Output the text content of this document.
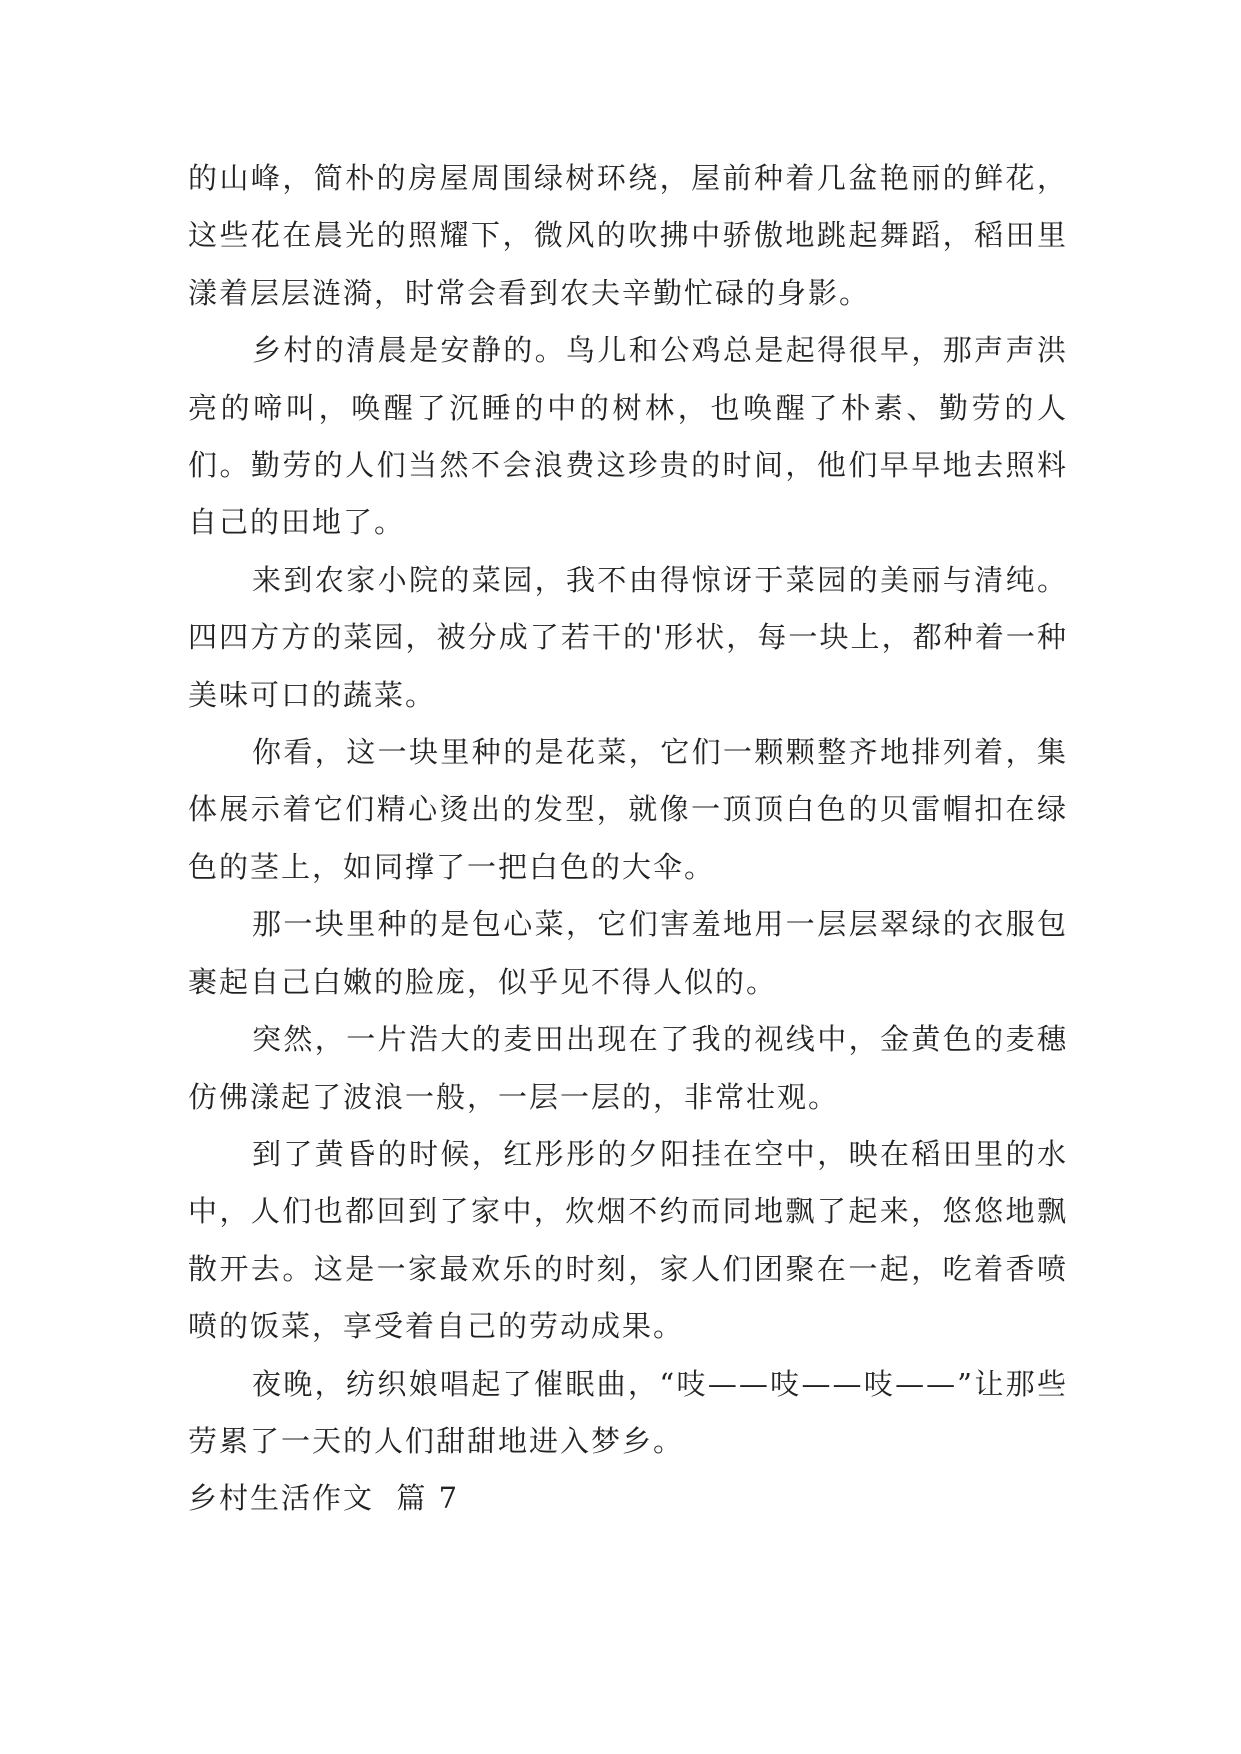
的山峰，简朴的房屋周围绿树环绕，屋前种着几盆艳丽的鲜花，这些花在晨光的照耀下，微风的吹拂中骄傲地跳起舞蹈，稻田里漾着层层涟漪，时常会看到农夫辛勤忙碌的身影。

乡村的清晨是安静的。鸟儿和公鸡总是起得很早，那声声洪亮的啼叫，唤醒了沉睡的中的树林，也唤醒了朴素、勤劳的人们。勤劳的人们当然不会浪费这珍贵的时间，他们早早地去照料自己的田地了。

来到农家小院的菜园，我不由得惊讶于菜园的美丽与清纯。四四方方的菜园，被分成了若干的'形状，每一块上，都种着一种美味可口的蔬菜。

你看，这一块里种的是花菜，它们一颗颗整齐地排列着，集体展示着它们精心烫出的发型，就像一顶顶白色的贝雷帽扣在绿色的茎上，如同撑了一把白色的大伞。

那一块里种的是包心菜，它们害羞地用一层层翠绿的衣服包裹起自己白嫩的脸庞，似乎见不得人似的。

突然，一片浩大的麦田出现在了我的视线中，金黄色的麦穗仿佛漾起了波浪一般，一层一层的，非常壮观。

到了黄昏的时候，红彤彤的夕阳挂在空中，映在稻田里的水中，人们也都回到了家中，炊烟不约而同地飘了起来，悠悠地飘散开去。这是一家最欢乐的时刻，家人们团聚在一起，吃着香喷喷的饭菜，享受着自己的劳动成果。

夜晚，纺织娘唱起了催眠曲，“吱——吱——吱——”让那些劳累了一天的人们甜甜地进入梦乡。

乡村生活作文  篇 7
